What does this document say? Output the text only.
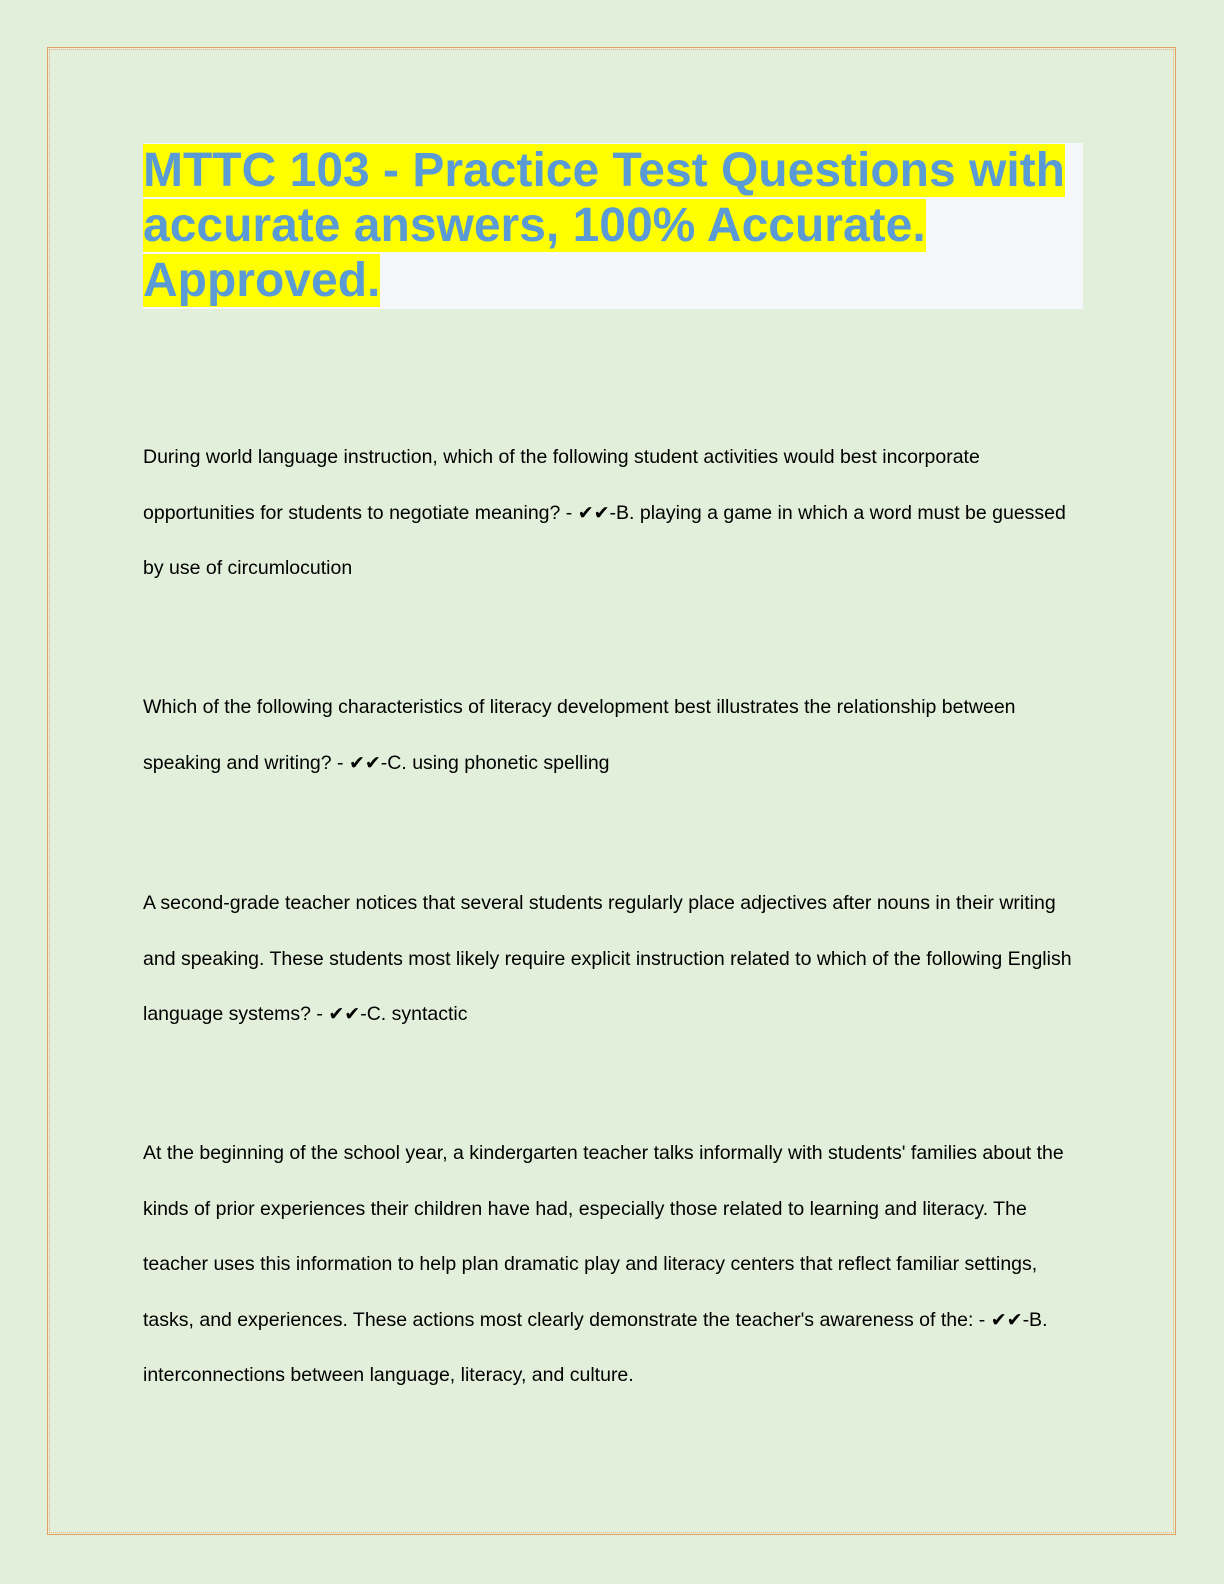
MTTC 103 - Practice Test Questions with
accurate answers, 100% Accurate.
Approved.

During world language instruction, which of the following student activities would best incorporate opportunities for students to negotiate meaning? - ✔✔-B. playing a game in which a word must be guessed by use of circumlocution

Which of the following characteristics of literacy development best illustrates the relationship between speaking and writing? - ✔✔-C. using phonetic spelling

A second-grade teacher notices that several students regularly place adjectives after nouns in their writing and speaking. These students most likely require explicit instruction related to which of the following English language systems? - ✔✔-C. syntactic

At the beginning of the school year, a kindergarten teacher talks informally with students' families about the kinds of prior experiences their children have had, especially those related to learning and literacy. The teacher uses this information to help plan dramatic play and literacy centers that reflect familiar settings, tasks, and experiences. These actions most clearly demonstrate the teacher's awareness of the: - ✔✔-B. interconnections between language, literacy, and culture.
